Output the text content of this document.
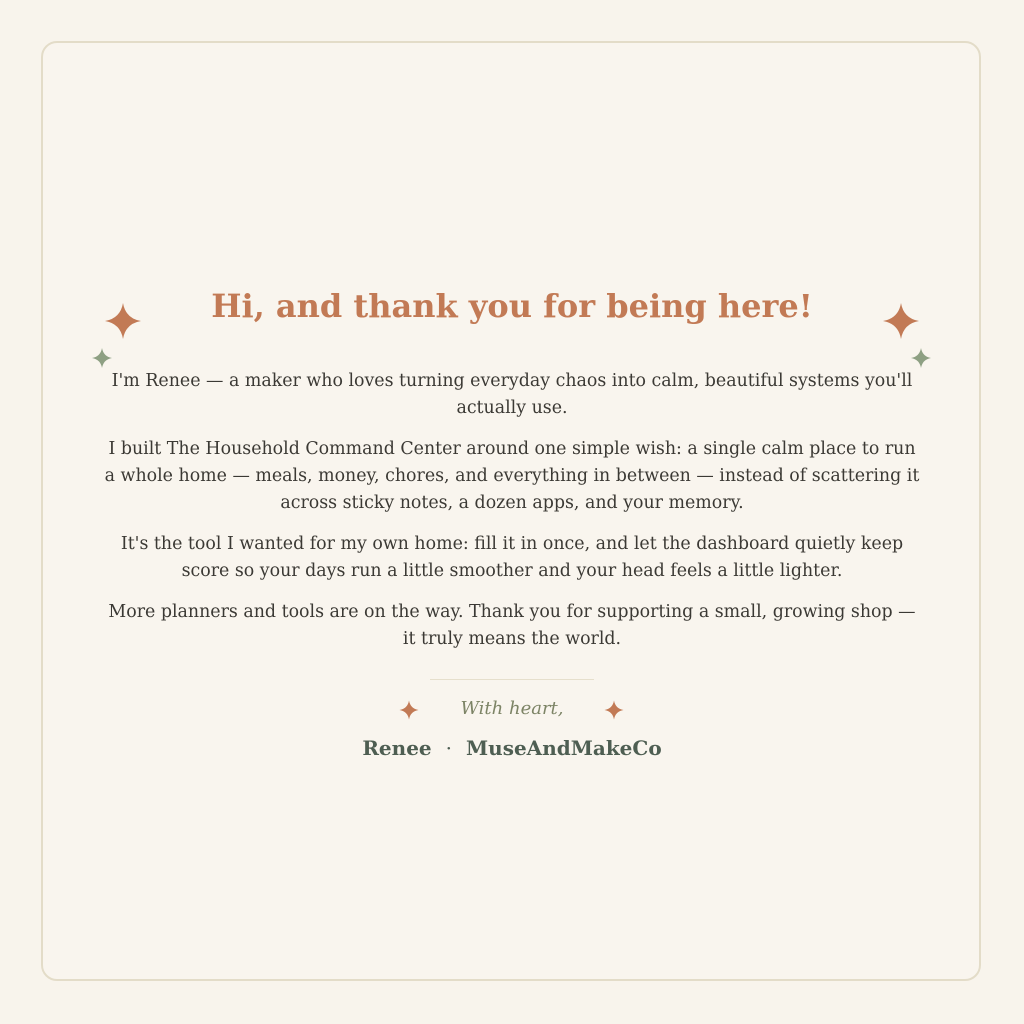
Hi, and thank you for being here!

I'm Renee — a maker who loves turning everyday chaos into calm, beautiful systems you'll actually use.

I built The Household Command Center around one simple wish: a single calm place to run a whole home — meals, money, chores, and everything in between — instead of scattering it across sticky notes, a dozen apps, and your memory.

It's the tool I wanted for my own home: fill it in once, and let the dashboard quietly keep score so your days run a little smoother and your head feels a little lighter.

More planners and tools are on the way. Thank you for supporting a small, growing shop — it truly means the world.

With heart,
Renee · MuseAndMakeCo
